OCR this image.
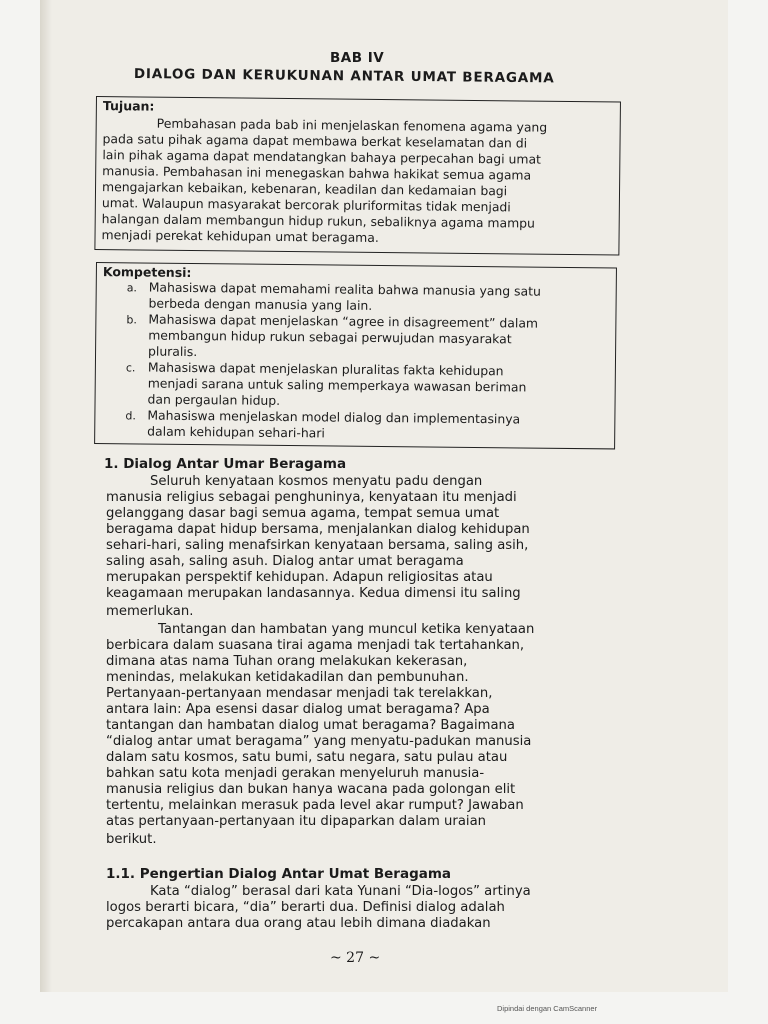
BAB IV
DIALOG DAN KERUKUNAN ANTAR UMAT BERAGAMA
Tujuan:
Pembahasan pada bab ini menjelaskan fenomena agama yang
pada satu pihak agama dapat membawa berkat keselamatan dan di
lain pihak agama dapat mendatangkan bahaya perpecahan bagi umat
manusia. Pembahasan ini menegaskan bahwa hakikat semua agama
mengajarkan kebaikan, kebenaran, keadilan dan kedamaian bagi
umat. Walaupun masyarakat bercorak pluriformitas tidak menjadi
halangan dalam membangun hidup rukun, sebaliknya agama mampu
menjadi perekat kehidupan umat beragama.
Kompetensi:
a. Mahasiswa dapat memahami realita bahwa manusia yang satu
berbeda dengan manusia yang lain.
b. Mahasiswa dapat menjelaskan “agree in disagreement” dalam
membangun hidup rukun sebagai perwujudan masyarakat
pluralis.
c. Mahasiswa dapat menjelaskan pluralitas fakta kehidupan
menjadi sarana untuk saling memperkaya wawasan beriman
dan pergaulan hidup.
d. Mahasiswa menjelaskan model dialog dan implementasinya
dalam kehidupan sehari-hari
1. Dialog Antar Umar Beragama
Seluruh kenyataan kosmos menyatu padu dengan
manusia religius sebagai penghuninya, kenyataan itu menjadi
gelanggang dasar bagi semua agama, tempat semua umat
beragama dapat hidup bersama, menjalankan dialog kehidupan
sehari-hari, saling menafsirkan kenyataan bersama, saling asih,
saling asah, saling asuh. Dialog antar umat beragama
merupakan perspektif kehidupan. Adapun religiositas atau
keagamaan merupakan landasannya. Kedua dimensi itu saling
memerlukan.
Tantangan dan hambatan yang muncul ketika kenyataan
berbicara dalam suasana tirai agama menjadi tak tertahankan,
dimana atas nama Tuhan orang melakukan kekerasan,
menindas, melakukan ketidakadilan dan pembunuhan.
Pertanyaan-pertanyaan mendasar menjadi tak terelakkan,
antara lain: Apa esensi dasar dialog umat beragama? Apa
tantangan dan hambatan dialog umat beragama? Bagaimana
“dialog antar umat beragama” yang menyatu-padukan manusia
dalam satu kosmos, satu bumi, satu negara, satu pulau atau
bahkan satu kota menjadi gerakan menyeluruh manusia-
manusia religius dan bukan hanya wacana pada golongan elit
tertentu, melainkan merasuk pada level akar rumput? Jawaban
atas pertanyaan-pertanyaan itu dipaparkan dalam uraian
berikut.
1.1. Pengertian Dialog Antar Umat Beragama
Kata “dialog” berasal dari kata Yunani “Dia-logos” artinya
logos berarti bicara, “dia” berarti dua. Definisi dialog adalah
percakapan antara dua orang atau lebih dimana diadakan
~ 27 ~
Dipindai dengan CamScanner
